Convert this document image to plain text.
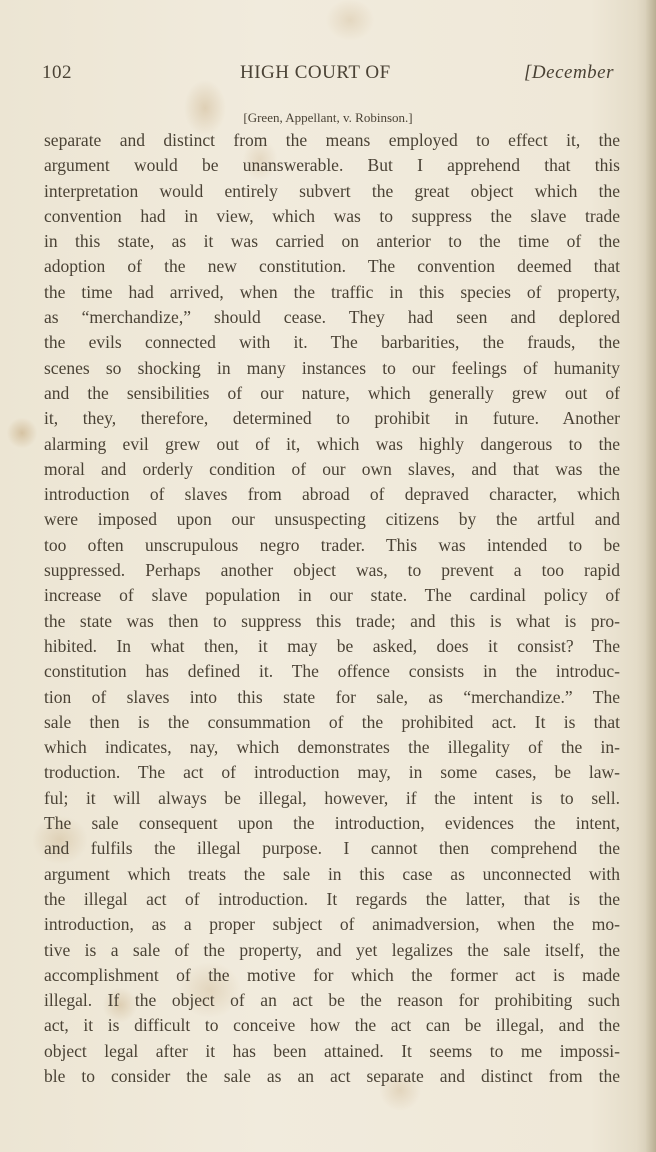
102	HIGH COURT OF	[December
[Green, Appellant, v. Robinson.]
separate and distinct from the means employed to effect it, the
argument would be unanswerable. But I apprehend that this
interpretation would entirely subvert the great object which the
convention had in view, which was to suppress the slave trade
in this state, as it was carried on anterior to the time of the
adoption of the new constitution. The convention deemed that
the time had arrived, when the traffic in this species of property,
as “merchandize,” should cease. They had seen and deplored
the evils connected with it. The barbarities, the frauds, the
scenes so shocking in many instances to our feelings of humanity
and the sensibilities of our nature, which generally grew out of
it, they, therefore, determined to prohibit in future. Another
alarming evil grew out of it, which was highly dangerous to the
moral and orderly condition of our own slaves, and that was the
introduction of slaves from abroad of depraved character, which
were imposed upon our unsuspecting citizens by the artful and
too often unscrupulous negro trader. This was intended to be
suppressed. Perhaps another object was, to prevent a too rapid
increase of slave population in our state. The cardinal policy of
the state was then to suppress this trade; and this is what is pro-
hibited. In what then, it may be asked, does it consist? The
constitution has defined it. The offence consists in the introduc-
tion of slaves into this state for sale, as “merchandize.” The
sale then is the consummation of the prohibited act. It is that
which indicates, nay, which demonstrates the illegality of the in-
troduction. The act of introduction may, in some cases, be law-
ful; it will always be illegal, however, if the intent is to sell.
The sale consequent upon the introduction, evidences the intent,
and fulfils the illegal purpose. I cannot then comprehend the
argument which treats the sale in this case as unconnected with
the illegal act of introduction. It regards the latter, that is the
introduction, as a proper subject of animadversion, when the mo-
tive is a sale of the property, and yet legalizes the sale itself, the
accomplishment of the motive for which the former act is made
illegal. If the object of an act be the reason for prohibiting such
act, it is difficult to conceive how the act can be illegal, and the
object legal after it has been attained. It seems to me impossi-
ble to consider the sale as an act separate and distinct from the
